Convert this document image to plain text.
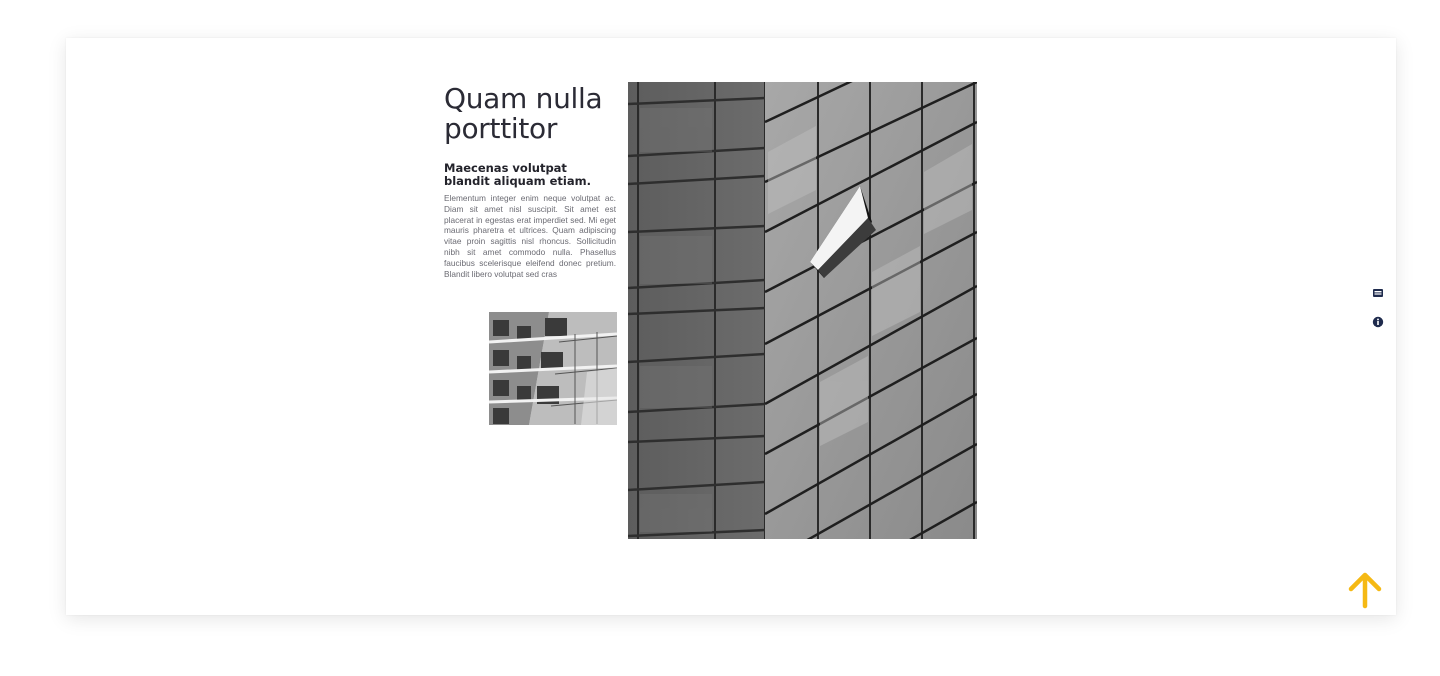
Quam nulla porttitor
Maecenas volutpat blandit aliquam etiam.

Elementum integer enim neque volutpat ac. Diam sit amet nisl suscipit. Sit amet est placerat in egestas erat imperdiet sed. Mi eget mauris pharetra et ultrices. Quam adipiscing vitae proin sagittis nisl rhoncus. Sollicitudin nibh sit amet commodo nulla. Phasellus faucibus scelerisque eleifend donec pretium. Blandit libero volutpat sed cras
